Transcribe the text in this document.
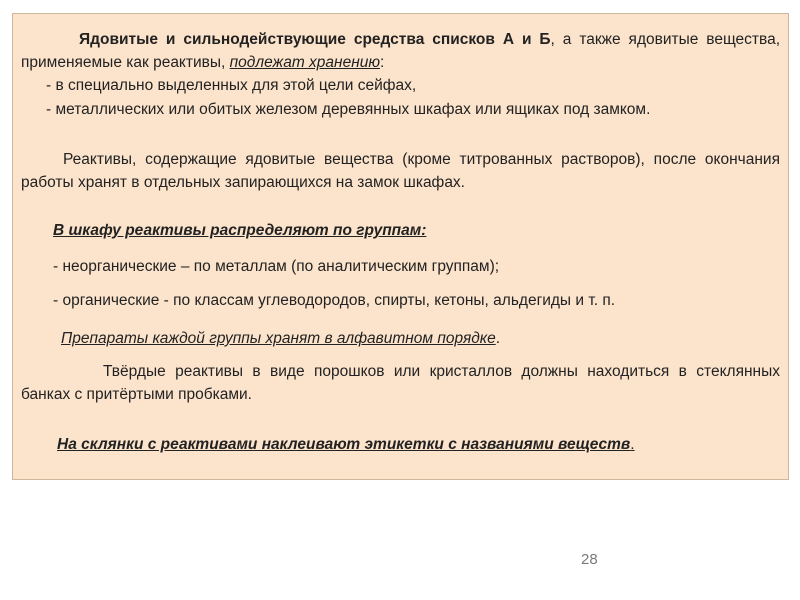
Ядовитые и сильнодействующие средства списков А и Б, а также ядовитые вещества, применяемые как реактивы, подлежат хранению:

- в специально выделенных для этой цели сейфах,

- металлических или обитых железом деревянных шкафах или ящиках под замком.

Реактивы, содержащие ядовитые вещества (кроме титрованных растворов), после окончания работы хранят в отдельных запирающихся на замок шкафах.

В шкафу реактивы распределяют по группам:

- неорганические – по металлам (по аналитическим группам);

- органические - по классам углеводородов, спирты, кетоны, альдегиды и т. п.

Препараты каждой группы хранят в алфавитном порядке.

Твёрдые реактивы в виде порошков или кристаллов должны находиться в стеклянных банках с притёртыми пробками.

На склянки с реактивами наклеивают этикетки с названиями веществ.

28
